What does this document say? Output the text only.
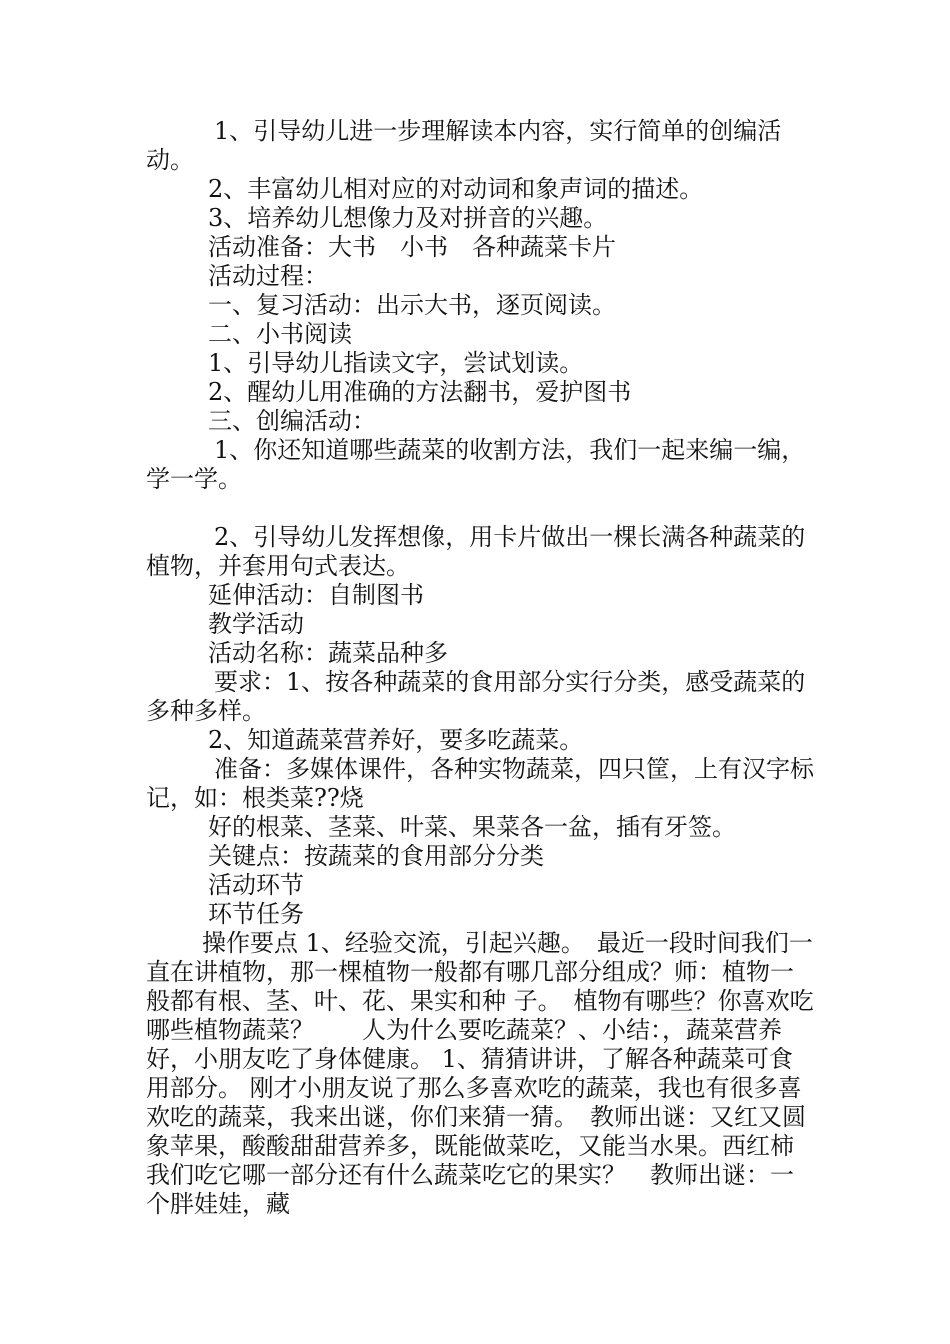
1、引导幼儿进一步理解读本内容，实行简单的创编活动。

2、丰富幼儿相对应的对动词和象声词的描述。

3、培养幼儿想像力及对拼音的兴趣。

活动准备：大书　小书　各种蔬菜卡片

活动过程：

一、复习活动：出示大书，逐页阅读。

二、小书阅读

1、引导幼儿指读文字，尝试划读。

2、醒幼儿用准确的方法翻书，爱护图书

三、创编活动：

1、你还知道哪些蔬菜的收割方法，我们一起来编一编，学一学。

2、引导幼儿发挥想像，用卡片做出一棵长满各种蔬菜的植物，并套用句式表达。

延伸活动：自制图书

教学活动

活动名称：蔬菜品种多

要求：1、按各种蔬菜的食用部分实行分类，感受蔬菜的多种多样。

2、知道蔬菜营养好，要多吃蔬菜。

准备：多媒体课件，各种实物蔬菜，四只筐，上有汉字标记，如：根类菜??烧

好的根菜、茎菜、叶菜、果菜各一盆，插有牙签。

关键点：按蔬菜的食用部分分类

活动环节

环节任务

操作要点 1、经验交流，引起兴趣。　最近一段时间我们一直在讲植物，那一棵植物一般都有哪几部分组成？师：植物一般都有根、茎、叶、花、果实和种 子。　植物有哪些？你喜欢吃哪些植物蔬菜？　　人为什么要吃蔬菜？、小结：，蔬菜营养好，小朋友吃了身体健康。 1、猜猜讲讲，了解各种蔬菜可食用部分。 刚才小朋友说了那么多喜欢吃的蔬菜，我也有很多喜 欢吃的蔬菜，我来出谜，你们来猜一猜。　教师出谜：又红又圆象苹果，酸酸甜甜营养多，既能做菜吃，又能当水果。西红柿我们吃它哪一部分还有什么蔬菜吃它的果实？　教师出谜：一个胖娃娃，藏
